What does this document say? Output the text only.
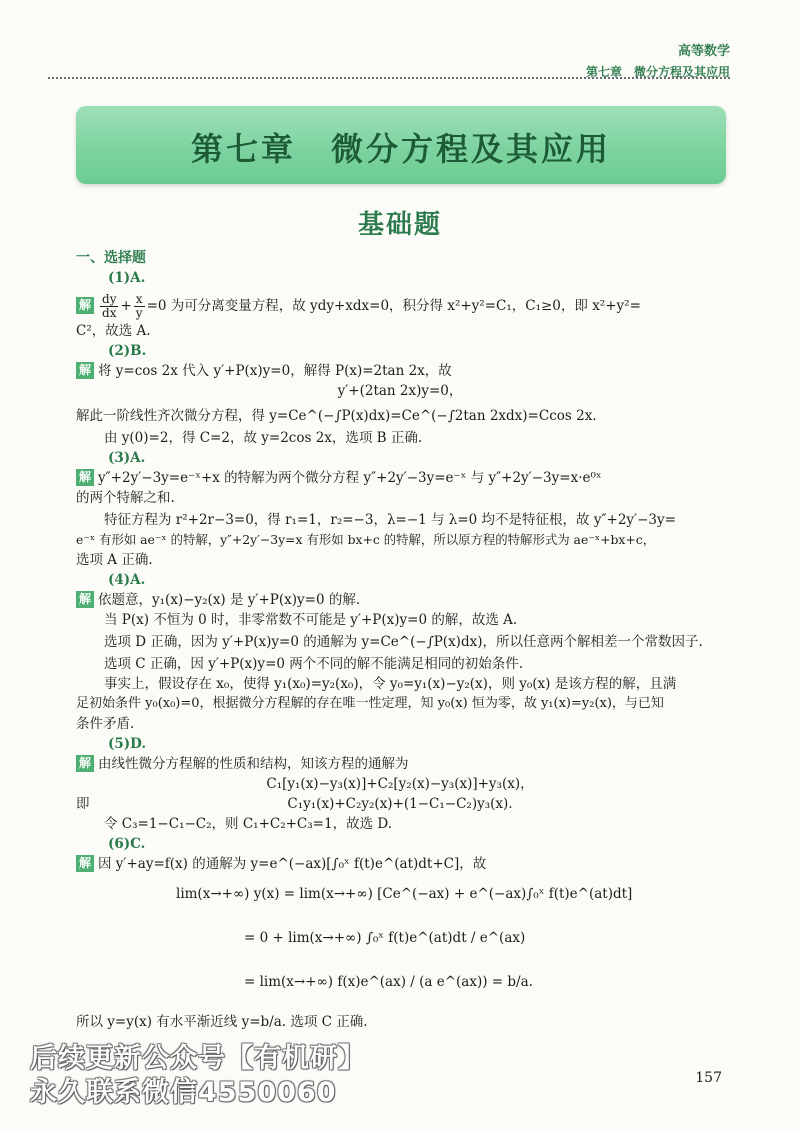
高等数学
第七章　微分方程及其应用
第七章　微分方程及其应用
基础题
一、选择题
(1)A.
解 $\frac{dy}{dx} + \frac{x}{y} =0$ 为可分离变量方程，故 ydy+xdx=0，积分得 x²+y²=C₁，C₁≥0，即 x²+y²=
C²，故选 A.
(2)B.
解 将 y=cos 2x 代入 y′+P(x)y=0，解得 P(x)=2tan 2x，故
y′+(2tan 2x)y=0，
解此一阶线性齐次微分方程，得 y=Ce^(−∫P(x)dx)=Ce^(−∫2tan 2xdx)=Ccos 2x.
由 y(0)=2，得 C=2，故 y=2cos 2x，选项 B 正确.
(3)A.
解 y″+2y′−3y=e⁻ˣ+x 的特解为两个微分方程 y″+2y′−3y=e⁻ˣ 与 y″+2y′−3y=x·e⁰ˣ
的两个特解之和.
特征方程为 r²+2r−3=0，得 r₁=1，r₂=−3，λ=−1 与 λ=0 均不是特征根，故 y″+2y′−3y=
e⁻ˣ 有形如 ae⁻ˣ 的特解，y″+2y′−3y=x 有形如 bx+c 的特解，所以原方程的特解形式为 ae⁻ˣ+bx+c，
选项 A 正确.
(4)A.
解 依题意，y₁(x)−y₂(x) 是 y′+P(x)y=0 的解.
当 P(x) 不恒为 0 时，非零常数不可能是 y′+P(x)y=0 的解，故选 A.
选项 D 正确，因为 y′+P(x)y=0 的通解为 y=Ce^(−∫P(x)dx)，所以任意两个解相差一个常数因子.
选项 C 正确，因 y′+P(x)y=0 两个不同的解不能满足相同的初始条件.
事实上，假设存在 x₀，使得 y₁(x₀)=y₂(x₀)，令 y₀=y₁(x)−y₂(x)，则 y₀(x) 是该方程的解，且满
足初始条件 y₀(x₀)=0，根据微分方程解的存在唯一性定理，知 y₀(x) 恒为零，故 y₁(x)=y₂(x)，与已知
条件矛盾.
(5)D.
解 由线性微分方程解的性质和结构，知该方程的通解为
C₁[y₁(x)−y₃(x)]+C₂[y₂(x)−y₃(x)]+y₃(x)，
即	C₁y₁(x)+C₂y₂(x)+(1−C₁−C₂)y₃(x).
令 C₃=1−C₁−C₂，则 C₁+C₂+C₃=1，故选 D.
(6)C.
解 因 y′+ay=f(x) 的通解为 y=e^(−ax)[∫₀ˣ f(t)e^(at)dt+C]，故
lim(x→+∞) y(x) = lim(x→+∞) [Ce^(−ax) + e^(−ax)∫₀ˣ f(t)e^(at)dt]
= 0 + lim(x→+∞) ∫₀ˣ f(t)e^(at)dt / e^(ax)
= lim(x→+∞) f(x)e^(ax) / (a e^(ax)) = b/a.
所以 y=y(x) 有水平渐近线 y=b/a. 选项 C 正确.
后续更新公众号【有机研】
永久联系微信4550060	157
